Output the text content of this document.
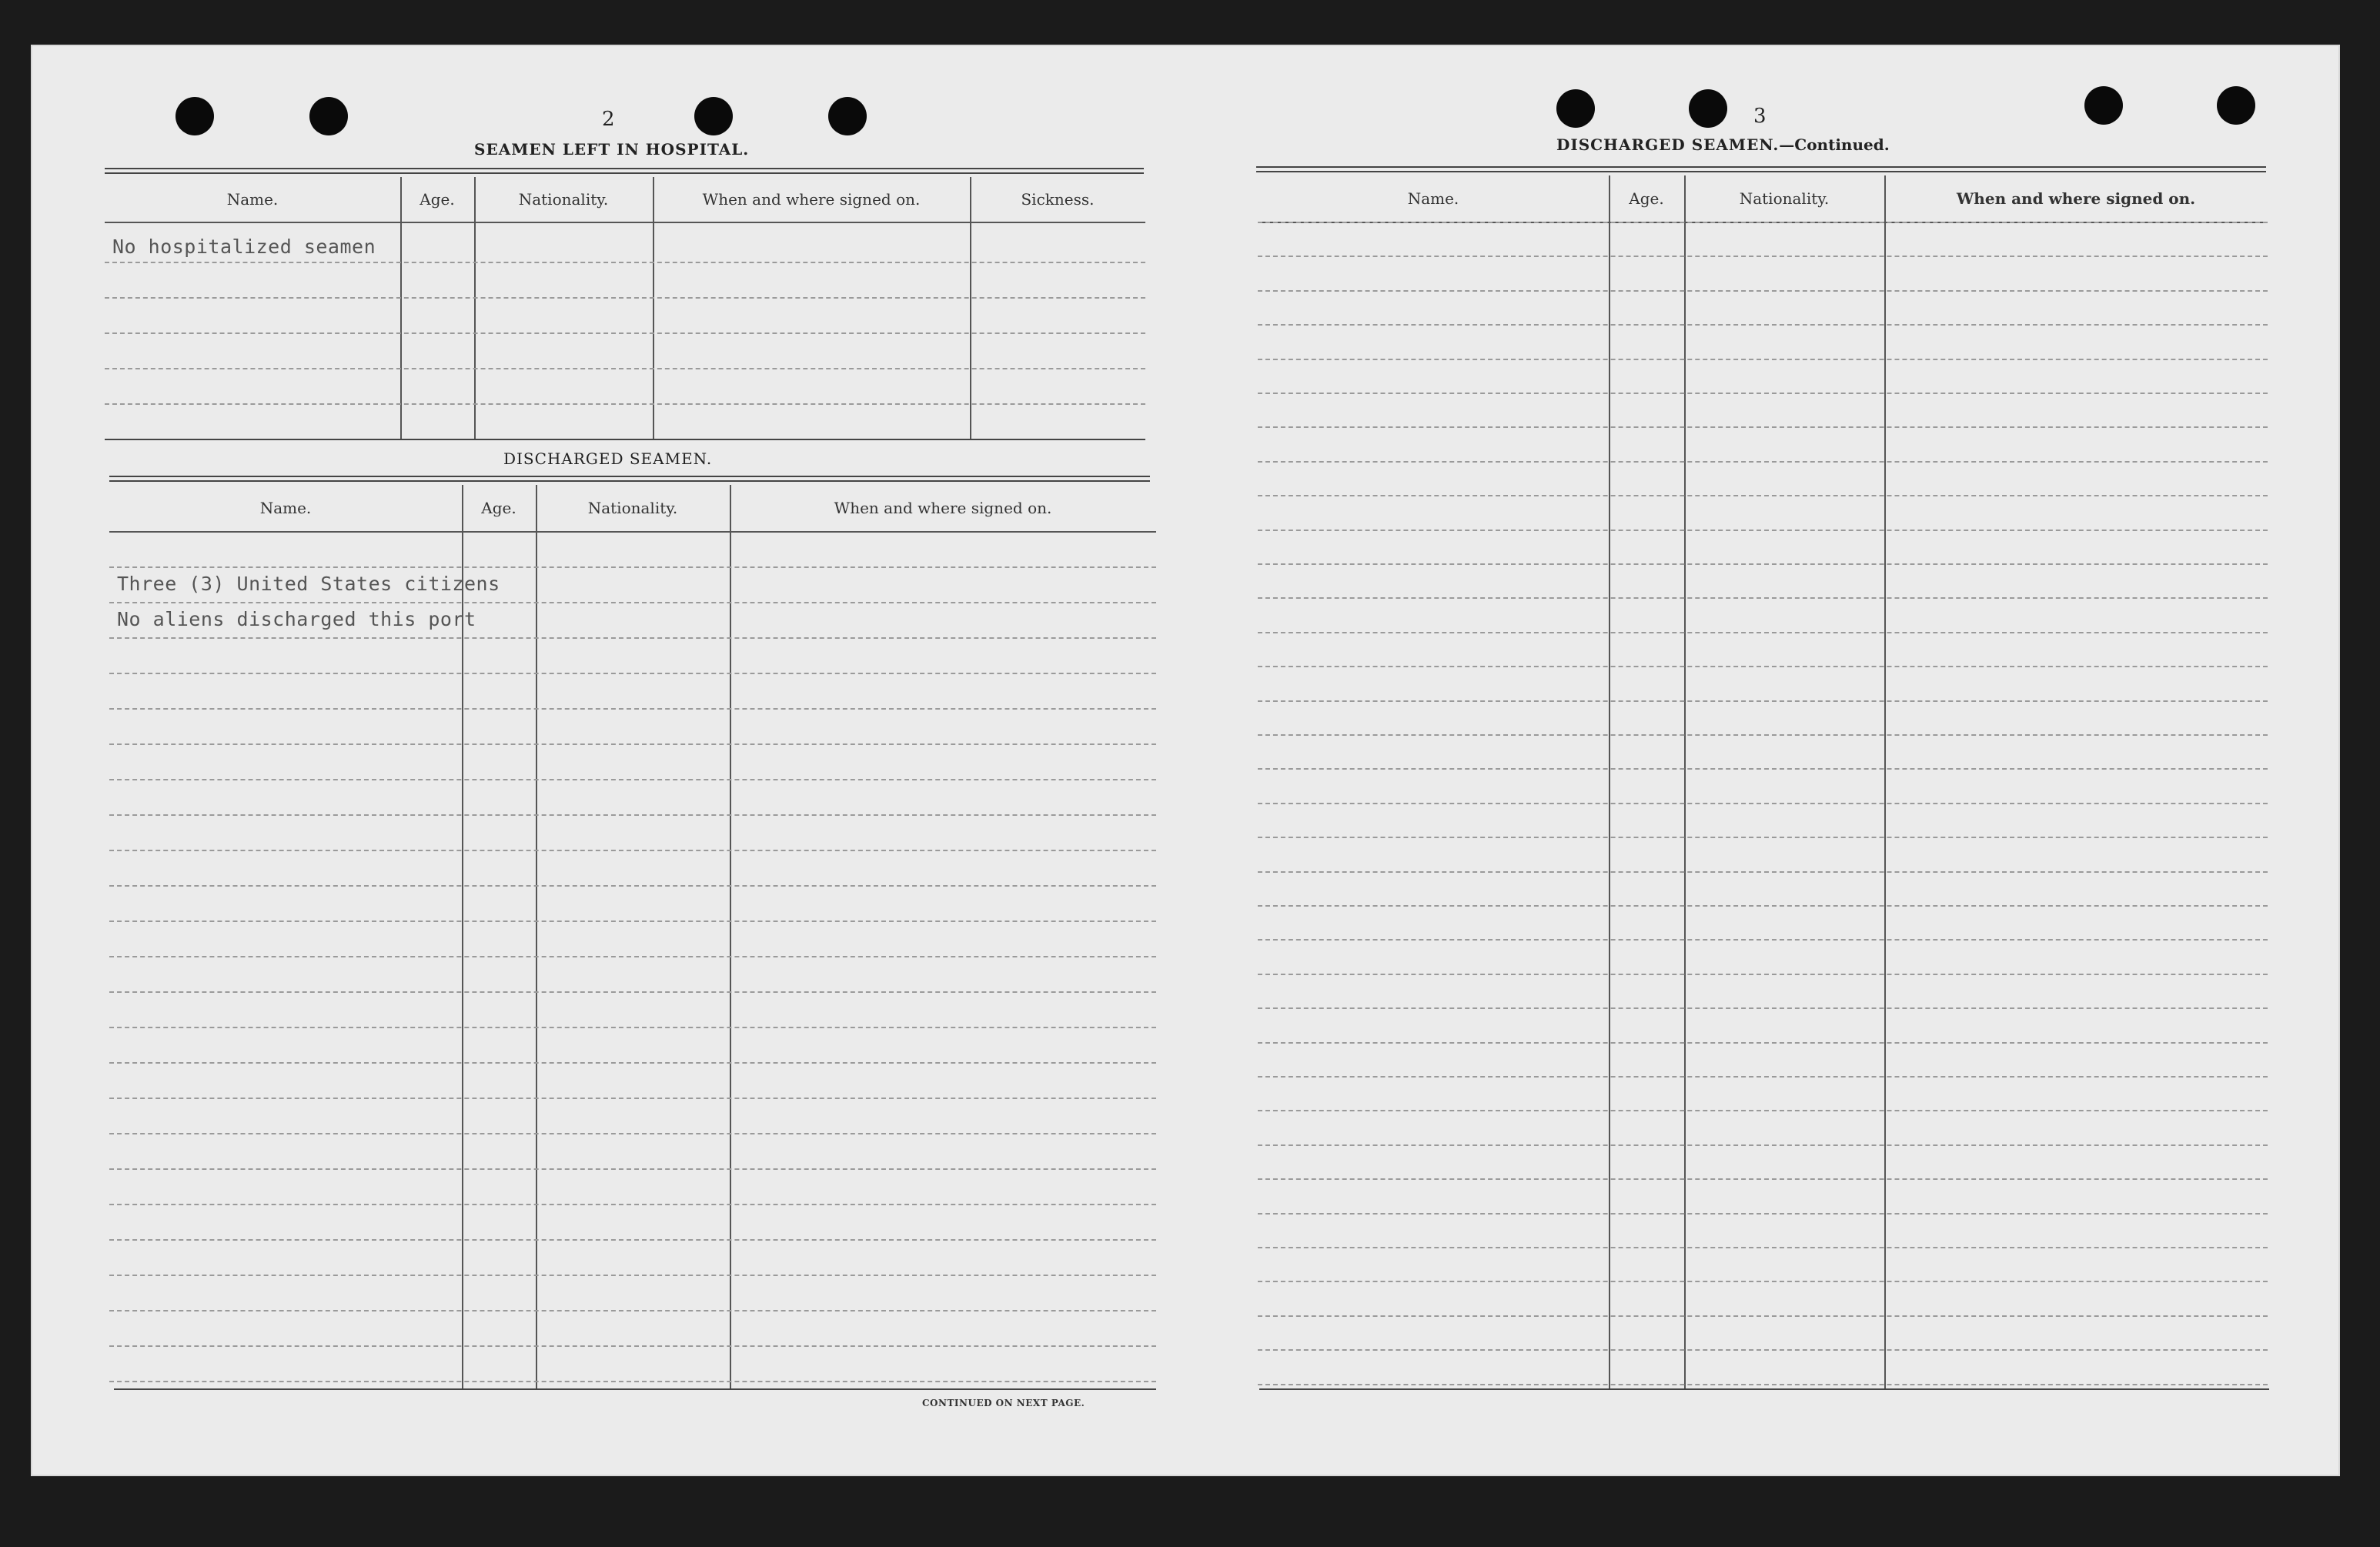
2
SEAMEN LEFT IN HOSPITAL.
Name.	Age.	Nationality.	When and where signed on.	Sickness.
No hospitalized seamen
DISCHARGED SEAMEN.
Name.	Age.	Nationality.	When and where signed on.
Three (3) United States citizens
No aliens discharged this port
CONTINUED ON NEXT PAGE.
3
DISCHARGED SEAMEN.—Continued.
Name.	Age.	Nationality.	When and where signed on.
